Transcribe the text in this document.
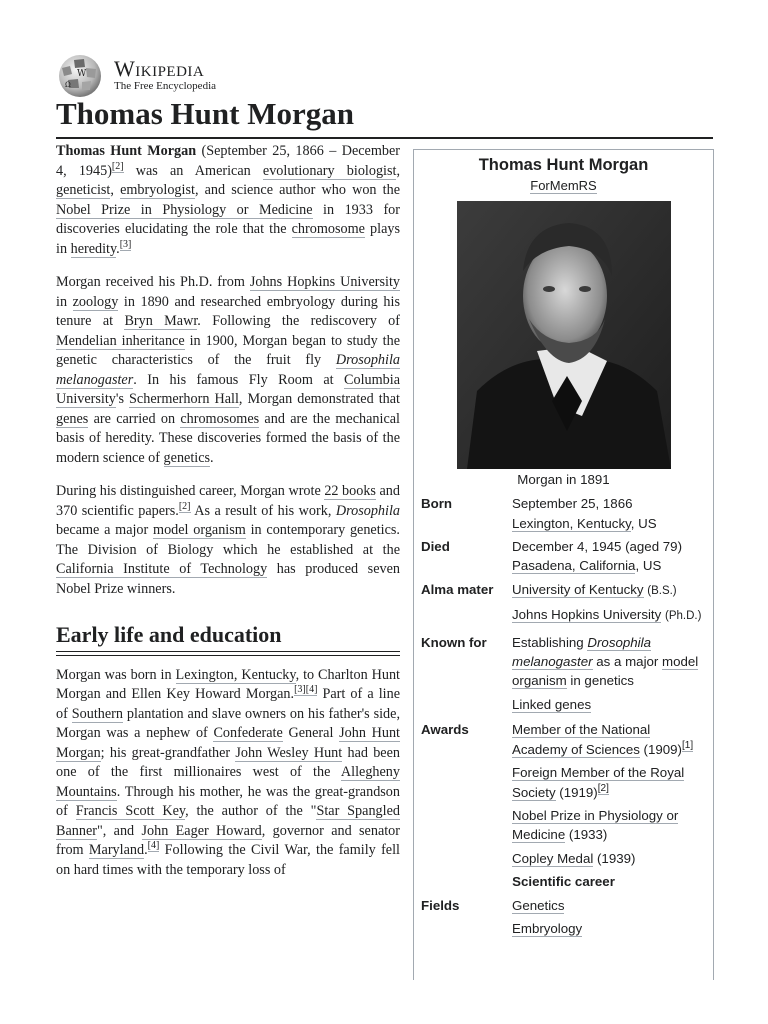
W
Ω
Wikipedia
The Free Encyclopedia
Thomas Hunt Morgan

Thomas Hunt Morgan (September 25, 1866 – December 4, 1945)[2] was an American evolutionary biologist, geneticist, embryologist, and science author who won the Nobel Prize in Physiology or Medicine in 1933 for discoveries elucidating the role that the chromosome plays in heredity.[3]

Morgan received his Ph.D. from Johns Hopkins University in zoology in 1890 and researched embryology during his tenure at Bryn Mawr. Following the rediscovery of Mendelian inheritance in 1900, Morgan began to study the genetic characteristics of the fruit fly Drosophila melanogaster. In his famous Fly Room at Columbia University's Schermerhorn Hall, Morgan demonstrated that genes are carried on chromosomes and are the mechanical basis of heredity. These discoveries formed the basis of the modern science of genetics.

During his distinguished career, Morgan wrote 22 books and 370 scientific papers.[2] As a result of his work, Drosophila became a major model organism in contemporary genetics. The Division of Biology which he established at the California Institute of Technology has produced seven Nobel Prize winners.

Early life and education

Morgan was born in Lexington, Kentucky, to Charlton Hunt Morgan and Ellen Key Howard Morgan.[3][4] Part of a line of Southern plantation and slave owners on his father's side, Morgan was a nephew of Confederate General John Hunt Morgan; his great-grandfather John Wesley Hunt had been one of the first millionaires west of the Allegheny Mountains. Through his mother, he was the great-grandson of Francis Scott Key, the author of the "Star Spangled Banner", and John Eager Howard, governor and senator from Maryland.[4] Following the Civil War, the family fell on hard times with the temporary loss of

Thomas Hunt Morgan
ForMemRS
Morgan in 1891
Born	September 25, 1866
Lexington, Kentucky, US
Died	December 4, 1945 (aged 79)
Pasadena, California, US
Alma mater	University of Kentucky (B.S.)
Johns Hopkins University (Ph.D.)
Known for	Establishing Drosophila melanogaster as a major model organism in genetics
Linked genes
Awards	Member of the National Academy of Sciences (1909)[1]
Foreign Member of the Royal Society (1919)[2]
Nobel Prize in Physiology or Medicine (1933)
Copley Medal (1939)
Scientific career
Fields	Genetics
Embryology
